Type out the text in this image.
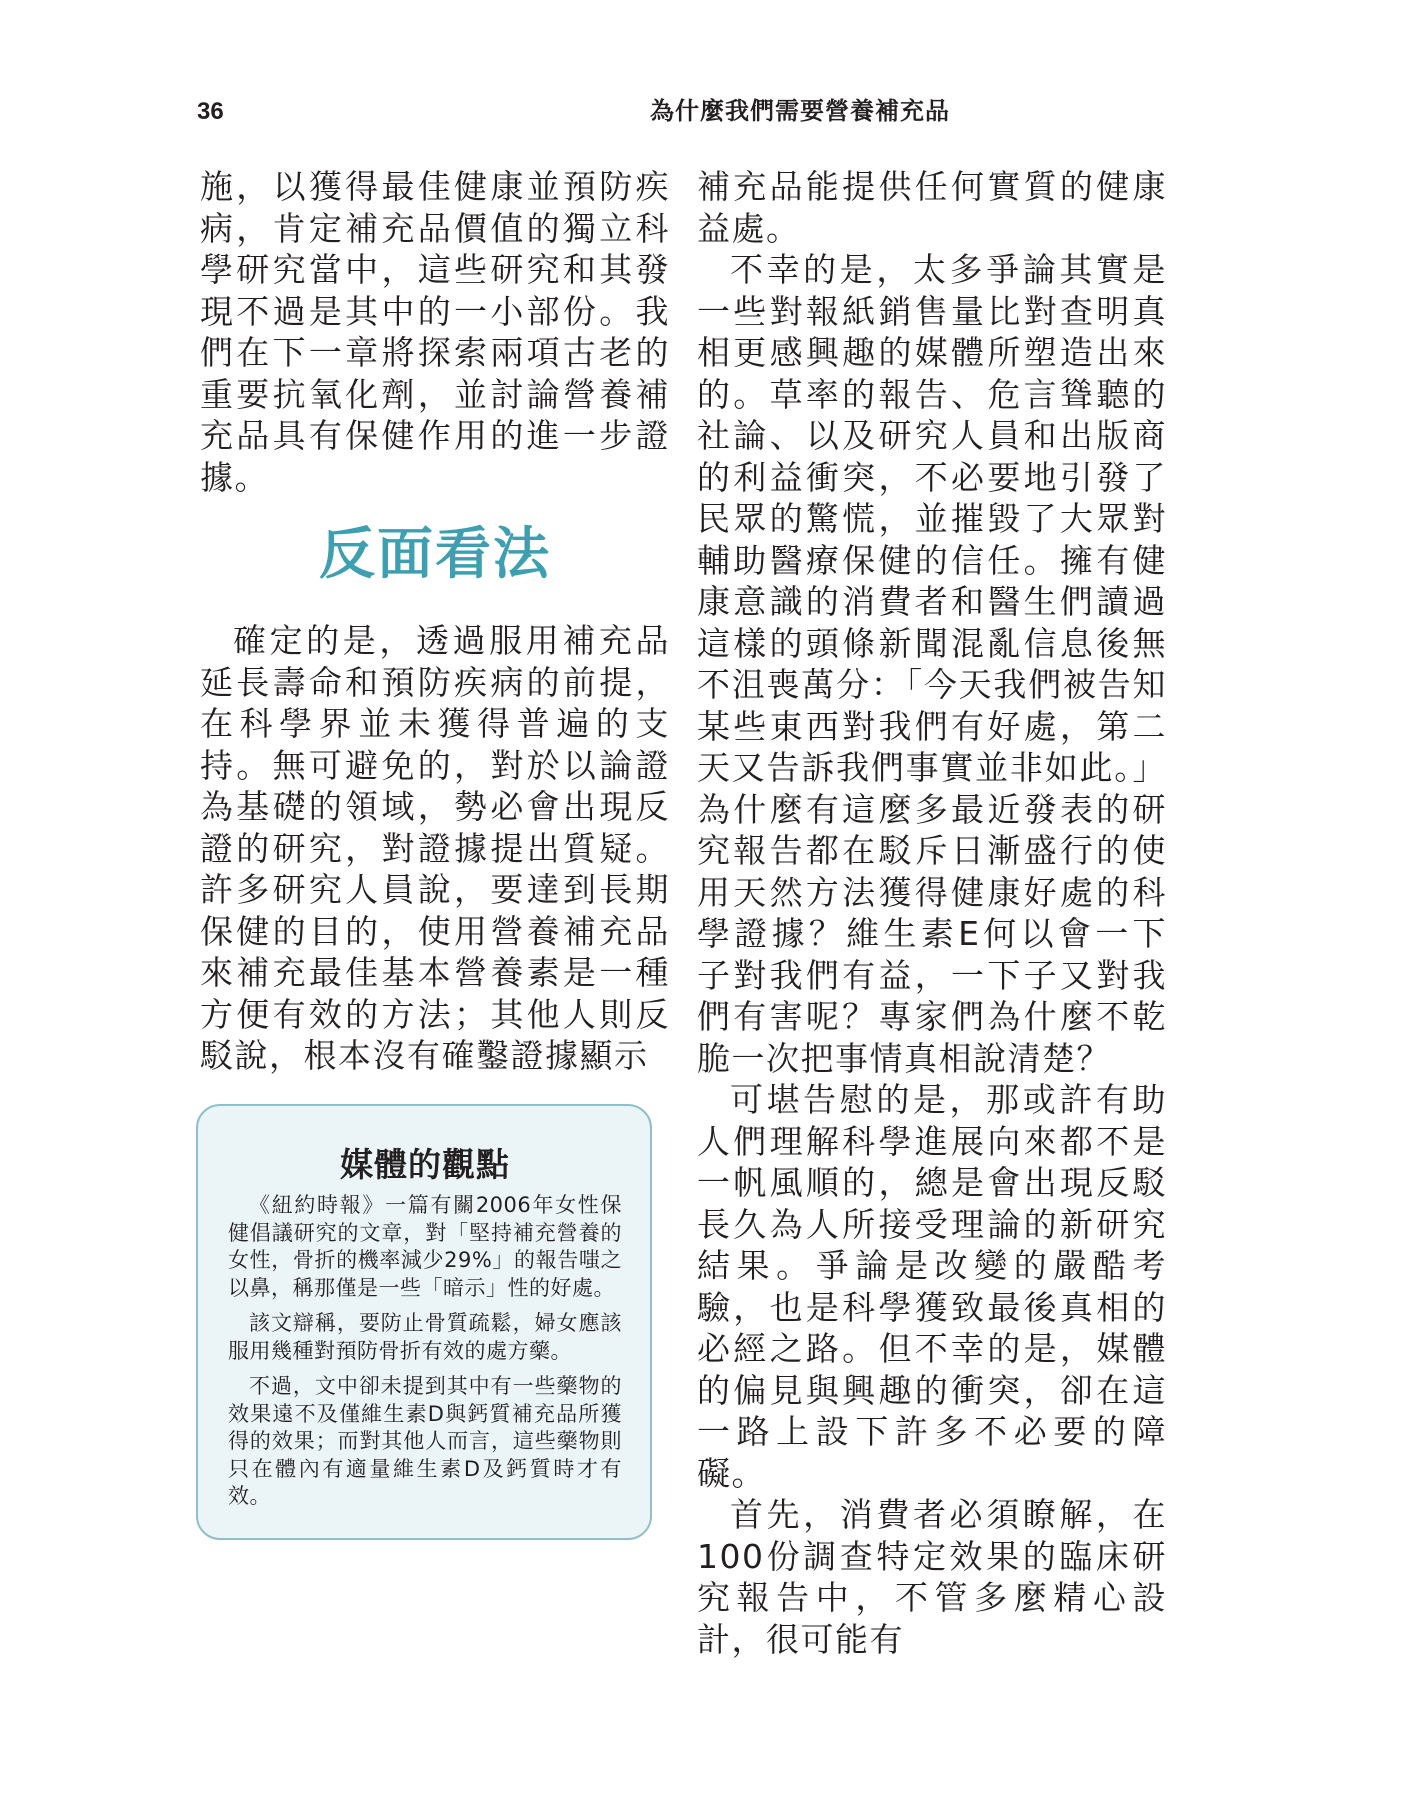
36	為什麼我們需要營養補充品

施，以獲得最佳健康並預防疾病，肯定補充品價值的獨立科學研究當中，這些研究和其發現不過是其中的一小部份。我們在下一章將探索兩項古老的重要抗氧化劑，並討論營養補充品具有保健作用的進一步證據。

反面看法

確定的是，透過服用補充品延長壽命和預防疾病的前提，在科學界並未獲得普遍的支持。無可避免的，對於以論證為基礎的領域，勢必會出現反證的研究，對證據提出質疑。許多研究人員說，要達到長期保健的目的，使用營養補充品來補充最佳基本營養素是一種方便有效的方法；其他人則反駁說，根本沒有確鑿證據顯示

媒體的觀點

《紐約時報》一篇有關2006年女性保健倡議研究的文章，對「堅持補充營養的女性，骨折的機率減少29%」的報告嗤之以鼻，稱那僅是一些「暗示」性的好處。

該文辯稱，要防止骨質疏鬆，婦女應該服用幾種對預防骨折有效的處方藥。

不過，文中卻未提到其中有一些藥物的效果遠不及僅維生素D與鈣質補充品所獲得的效果；而對其他人而言，這些藥物則只在體內有適量維生素D及鈣質時才有效。

補充品能提供任何實質的健康益處。

不幸的是，太多爭論其實是一些對報紙銷售量比對查明真相更感興趣的媒體所塑造出來的。草率的報告、危言聳聽的社論、以及研究人員和出版商的利益衝突，不必要地引發了民眾的驚慌，並摧毀了大眾對輔助醫療保健的信任。擁有健康意識的消費者和醫生們讀過這樣的頭條新聞混亂信息後無不沮喪萬分：「今天我們被告知某些東西對我們有好處，第二天又告訴我們事實並非如此。」為什麼有這麼多最近發表的研究報告都在駁斥日漸盛行的使用天然方法獲得健康好處的科學證據？維生素E何以會一下子對我們有益，一下子又對我們有害呢？專家們為什麼不乾脆一次把事情真相說清楚？

可堪告慰的是，那或許有助人們理解科學進展向來都不是一帆風順的，總是會出現反駁長久為人所接受理論的新研究結果。爭論是改變的嚴酷考驗，也是科學獲致最後真相的必經之路。但不幸的是，媒體的偏見與興趣的衝突，卻在這一路上設下許多不必要的障礙。

首先，消費者必須瞭解，在100份調查特定效果的臨床研究報告中，不管多麼精心設計，很可能有
